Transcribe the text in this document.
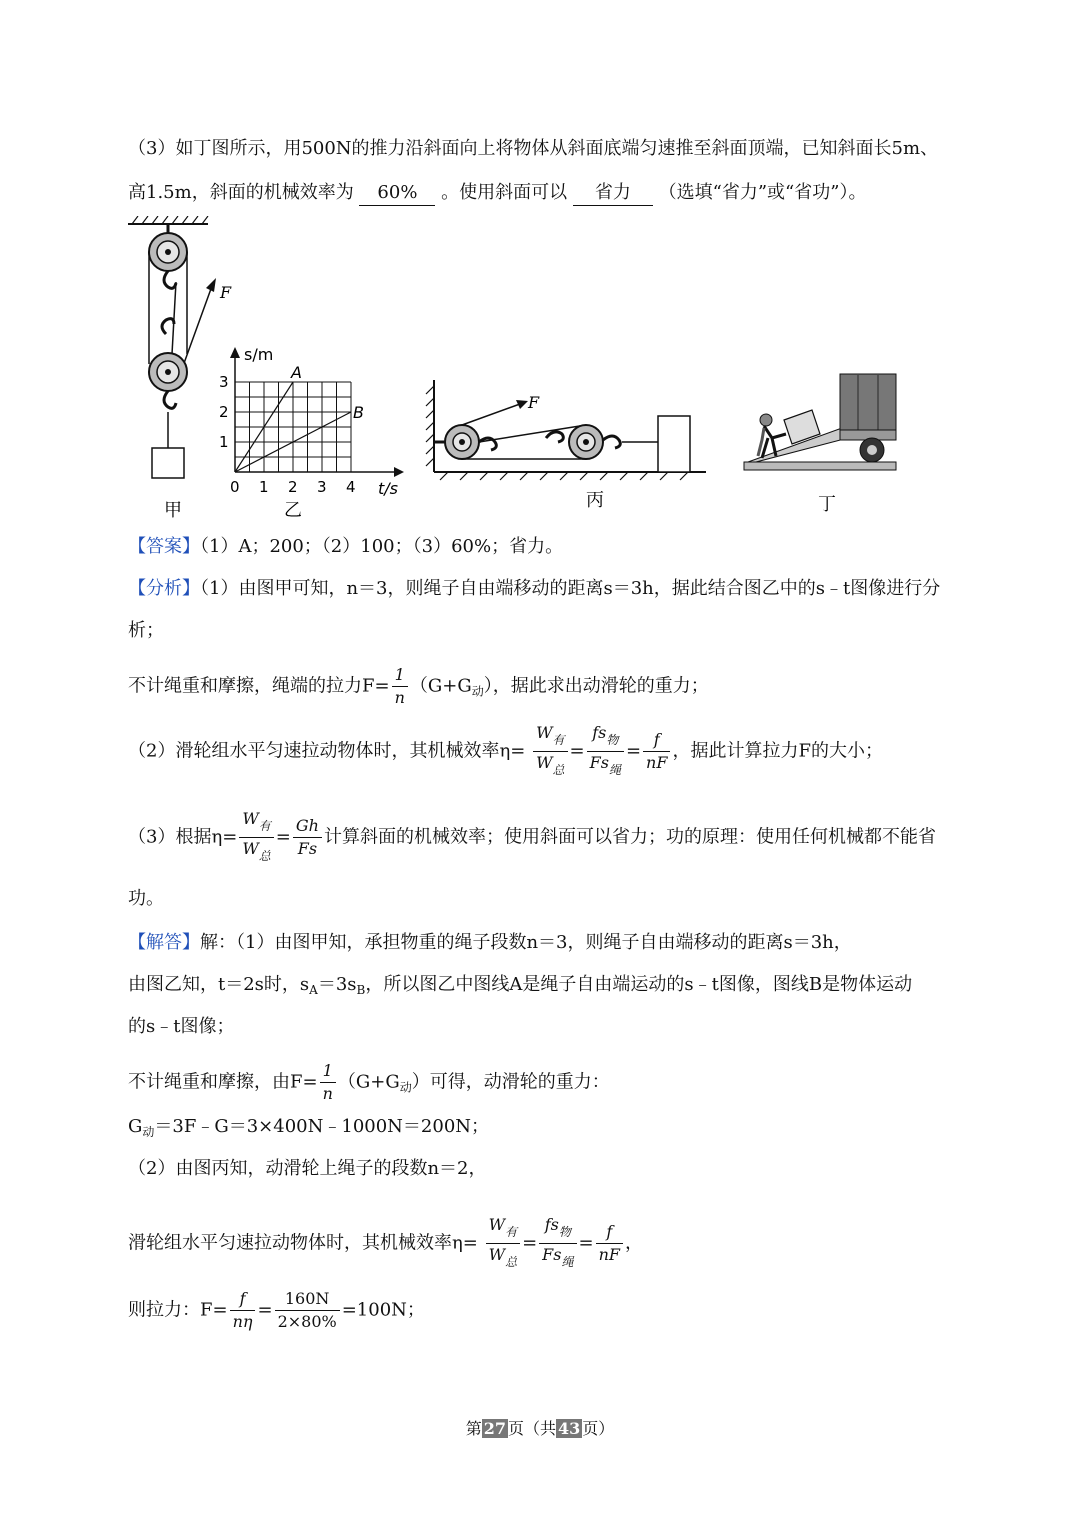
（3）如丁图所示，用500N的推力沿斜面向上将物体从斜面底端匀速推至斜面顶端，已知斜面长5m、
高1.5m，斜面的机械效率为 60% 。使用斜面可以 省力 （选填“省力”或“省功”）。
F
甲
s/m
t/s
0 1 2 3 4
1
2
3	A
B
乙
F
丙	丁
【答案】（1）A；200；（2）100；（3）60%；省力。
【分析】（1）由图甲可知，n＝3，则绳子自由端移动的距离s＝3h，据此结合图乙中的s﹣t图像进行分
析；
不计绳重和摩擦，绳端的拉力$F= \frac{1}{n} (G+G_动)$，据此求出动滑轮的重力；
（2）滑轮组水平匀速拉动物体时，其机械效率$\eta= \frac{W_有}{W_总} = \frac{fs_物}{Fs_绳} = \frac{f}{nF}$ ，据此计算拉力F的大小；
（3）根据$\eta= \frac{W_有}{W_总} = \frac{Gh}{Fs}$ 计算斜面的机械效率；使用斜面可以省力；功的原理：使用任何机械都不能省
功。
【解答】解：（1）由图甲知，承担物重的绳子段数n＝3，则绳子自由端移动的距离s＝3h，
由图乙知，t＝2s时，$s_A=3s_B$，所以图乙中图线A是绳子自由端运动的s﹣t图像，图线B是物体运动
的s﹣t图像；
不计绳重和摩擦，由$F= \frac{1}{n} (G+G_动)$可得，动滑轮的重力：
$G_动=3F﹣G=3\times 400N﹣1000N=200N$；
（2）由图丙知，动滑轮上绳子的段数n＝2，
滑轮组水平匀速拉动物体时，其机械效率$\eta= \frac{W_有}{W_总} = \frac{fs_物}{Fs_绳} = \frac{f}{nF}$ ，
则拉力：$F= \frac{f}{n\eta} = \frac{160N}{2\times 80\%} =100N$；
第 27 页（共 43 页）
